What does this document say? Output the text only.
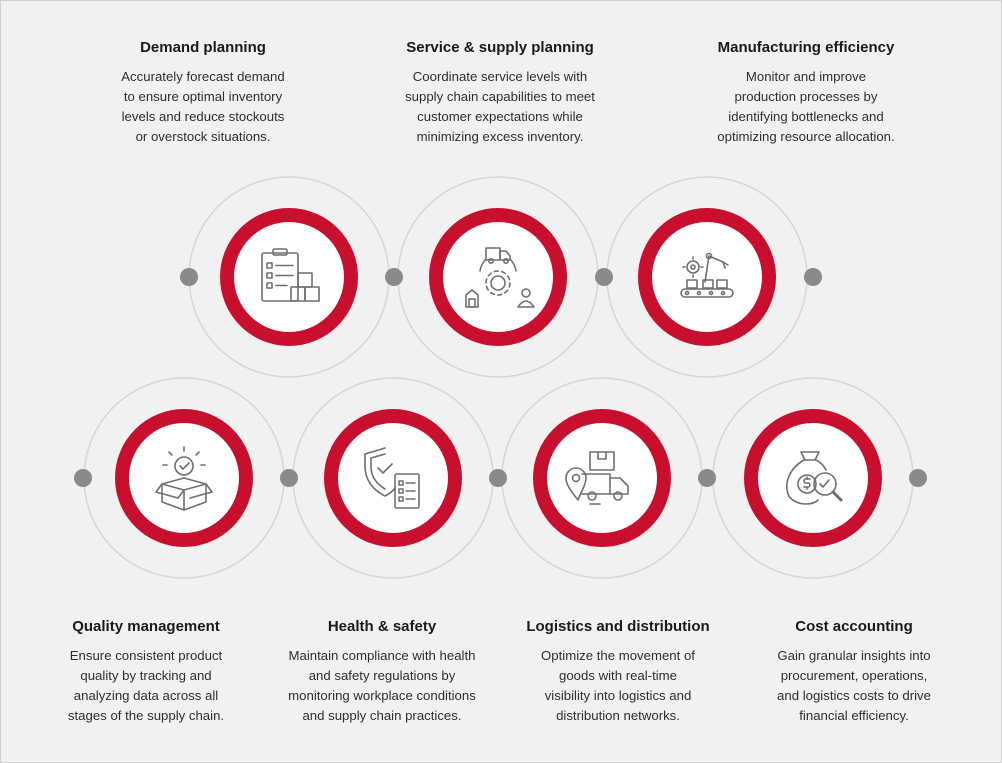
Demand planning

Accurately forecast demand
to ensure optimal inventory
levels and reduce stockouts
or overstock situations.

Service & supply planning

Coordinate service levels with
supply chain capabilities to meet
customer expectations while
minimizing excess inventory.

Manufacturing efficiency

Monitor and improve
production processes by
identifying bottlenecks and
optimizing resource allocation.

Quality management

Ensure consistent product
quality by tracking and
analyzing data across all
stages of the supply chain.

Health & safety

Maintain compliance with health
and safety regulations by
monitoring workplace conditions
and supply chain practices.

Logistics and distribution

Optimize the movement of
goods with real-time
visibility into logistics and
distribution networks.

Cost accounting

Gain granular insights into
procurement, operations,
and logistics costs to drive
financial efficiency.
